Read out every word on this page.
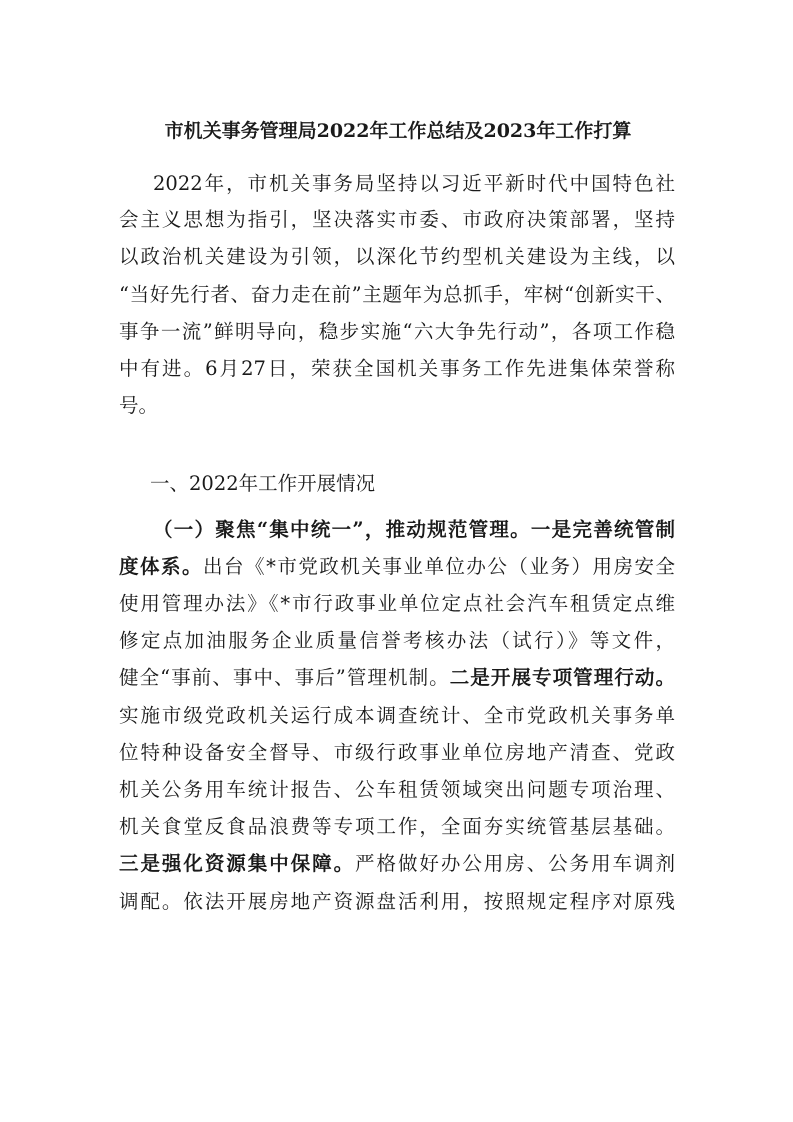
市机关事务管理局2022年工作总结及2023年工作打算
2022年，市机关事务局坚持以习近平新时代中国特色社
会主义思想为指引，坚决落实市委、市政府决策部署，坚持
以政治机关建设为引领，以深化节约型机关建设为主线，以
“当好先行者、奋力走在前”主题年为总抓手，牢树“创新实干、
事争一流”鲜明导向，稳步实施“六大争先行动”，各项工作稳
中有进。6月27日，荣获全国机关事务工作先进集体荣誉称
号。
一、2022年工作开展情况
（一）聚焦“集中统一”，推动规范管理。一是完善统管制
度体系。出台《*市党政机关事业单位办公（业务）用房安全
使用管理办法》《*市行政事业单位定点社会汽车租赁定点维
修定点加油服务企业质量信誉考核办法（试行）》等文件，
健全“事前、事中、事后”管理机制。二是开展专项管理行动。
实施市级党政机关运行成本调查统计、全市党政机关事务单
位特种设备安全督导、市级行政事业单位房地产清查、党政
机关公务用车统计报告、公车租赁领域突出问题专项治理、
机关食堂反食品浪费等专项工作，全面夯实统管基层基础。
三是强化资源集中保障。严格做好办公用房、公务用车调剂
调配。依法开展房地产资源盘活利用，按照规定程序对原残
